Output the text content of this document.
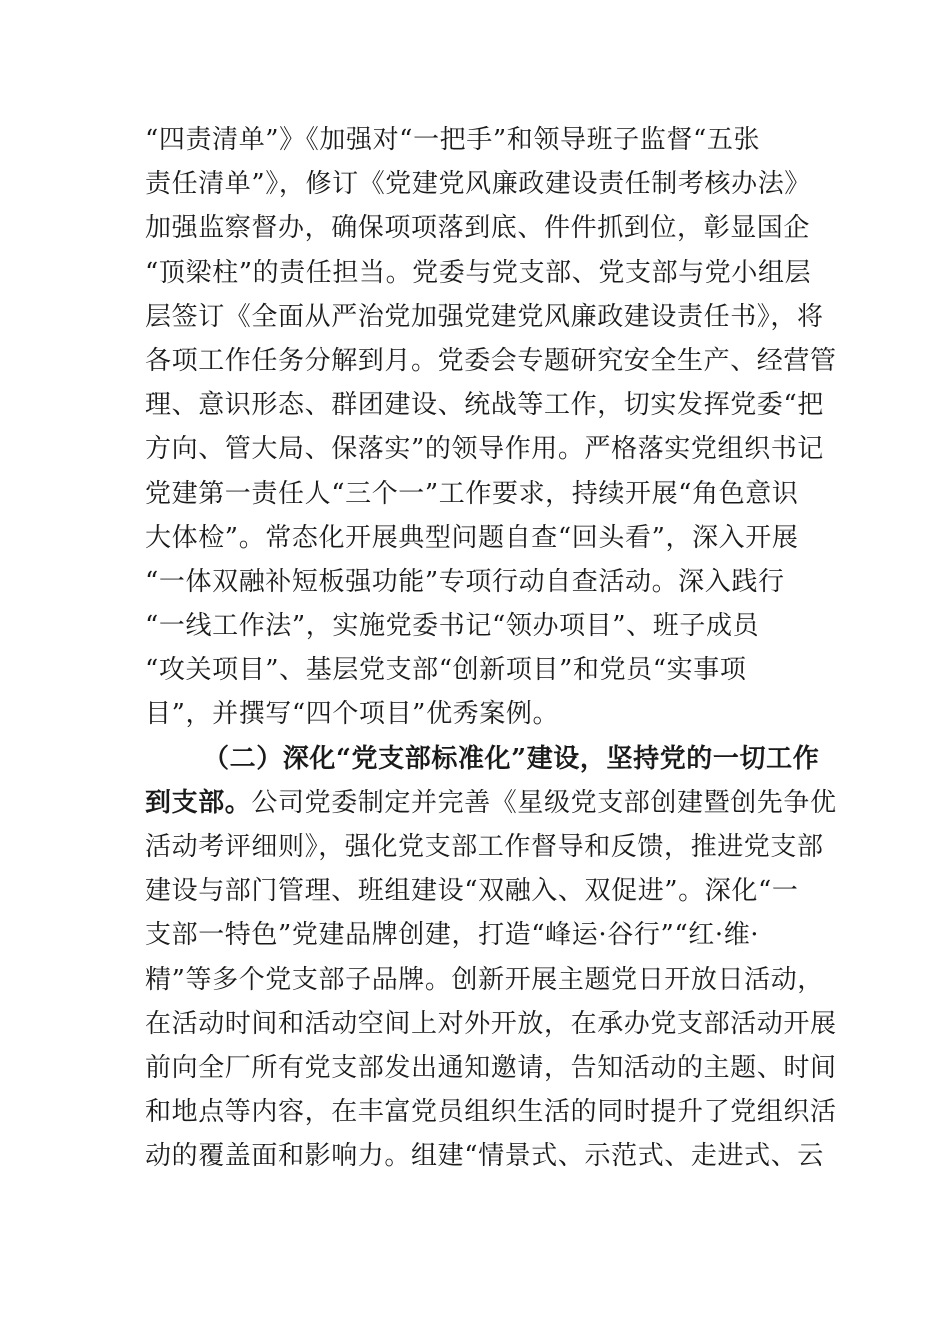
“四责清单”》《加强对“一把手”和领导班子监督“五张
责任清单”》，修订《党建党风廉政建设责任制考核办法》
加强监察督办，确保项项落到底、件件抓到位，彰显国企
“顶梁柱”的责任担当。党委与党支部、党支部与党小组层
层签订《全面从严治党加强党建党风廉政建设责任书》，将
各项工作任务分解到月。党委会专题研究安全生产、经营管
理、意识形态、群团建设、统战等工作，切实发挥党委“把
方向、管大局、保落实”的领导作用。严格落实党组织书记
党建第一责任人“三个一”工作要求，持续开展“角色意识
大体检”。常态化开展典型问题自查“回头看”，深入开展
“一体双融补短板强功能”专项行动自查活动。深入践行
“一线工作法”，实施党委书记“领办项目”、班子成员
“攻关项目”、基层党支部“创新项目”和党员“实事项
目”，并撰写“四个项目”优秀案例。
（二）深化“党支部标准化”建设，坚持党的一切工作
到支部。公司党委制定并完善《星级党支部创建暨创先争优
活动考评细则》，强化党支部工作督导和反馈，推进党支部
建设与部门管理、班组建设“双融入、双促进”。深化“一
支部一特色”党建品牌创建，打造“峰运·谷行”“红·维·
精”等多个党支部子品牌。创新开展主题党日开放日活动，
在活动时间和活动空间上对外开放，在承办党支部活动开展
前向全厂所有党支部发出通知邀请，告知活动的主题、时间
和地点等内容，在丰富党员组织生活的同时提升了党组织活
动的覆盖面和影响力。组建“情景式、示范式、走进式、云
